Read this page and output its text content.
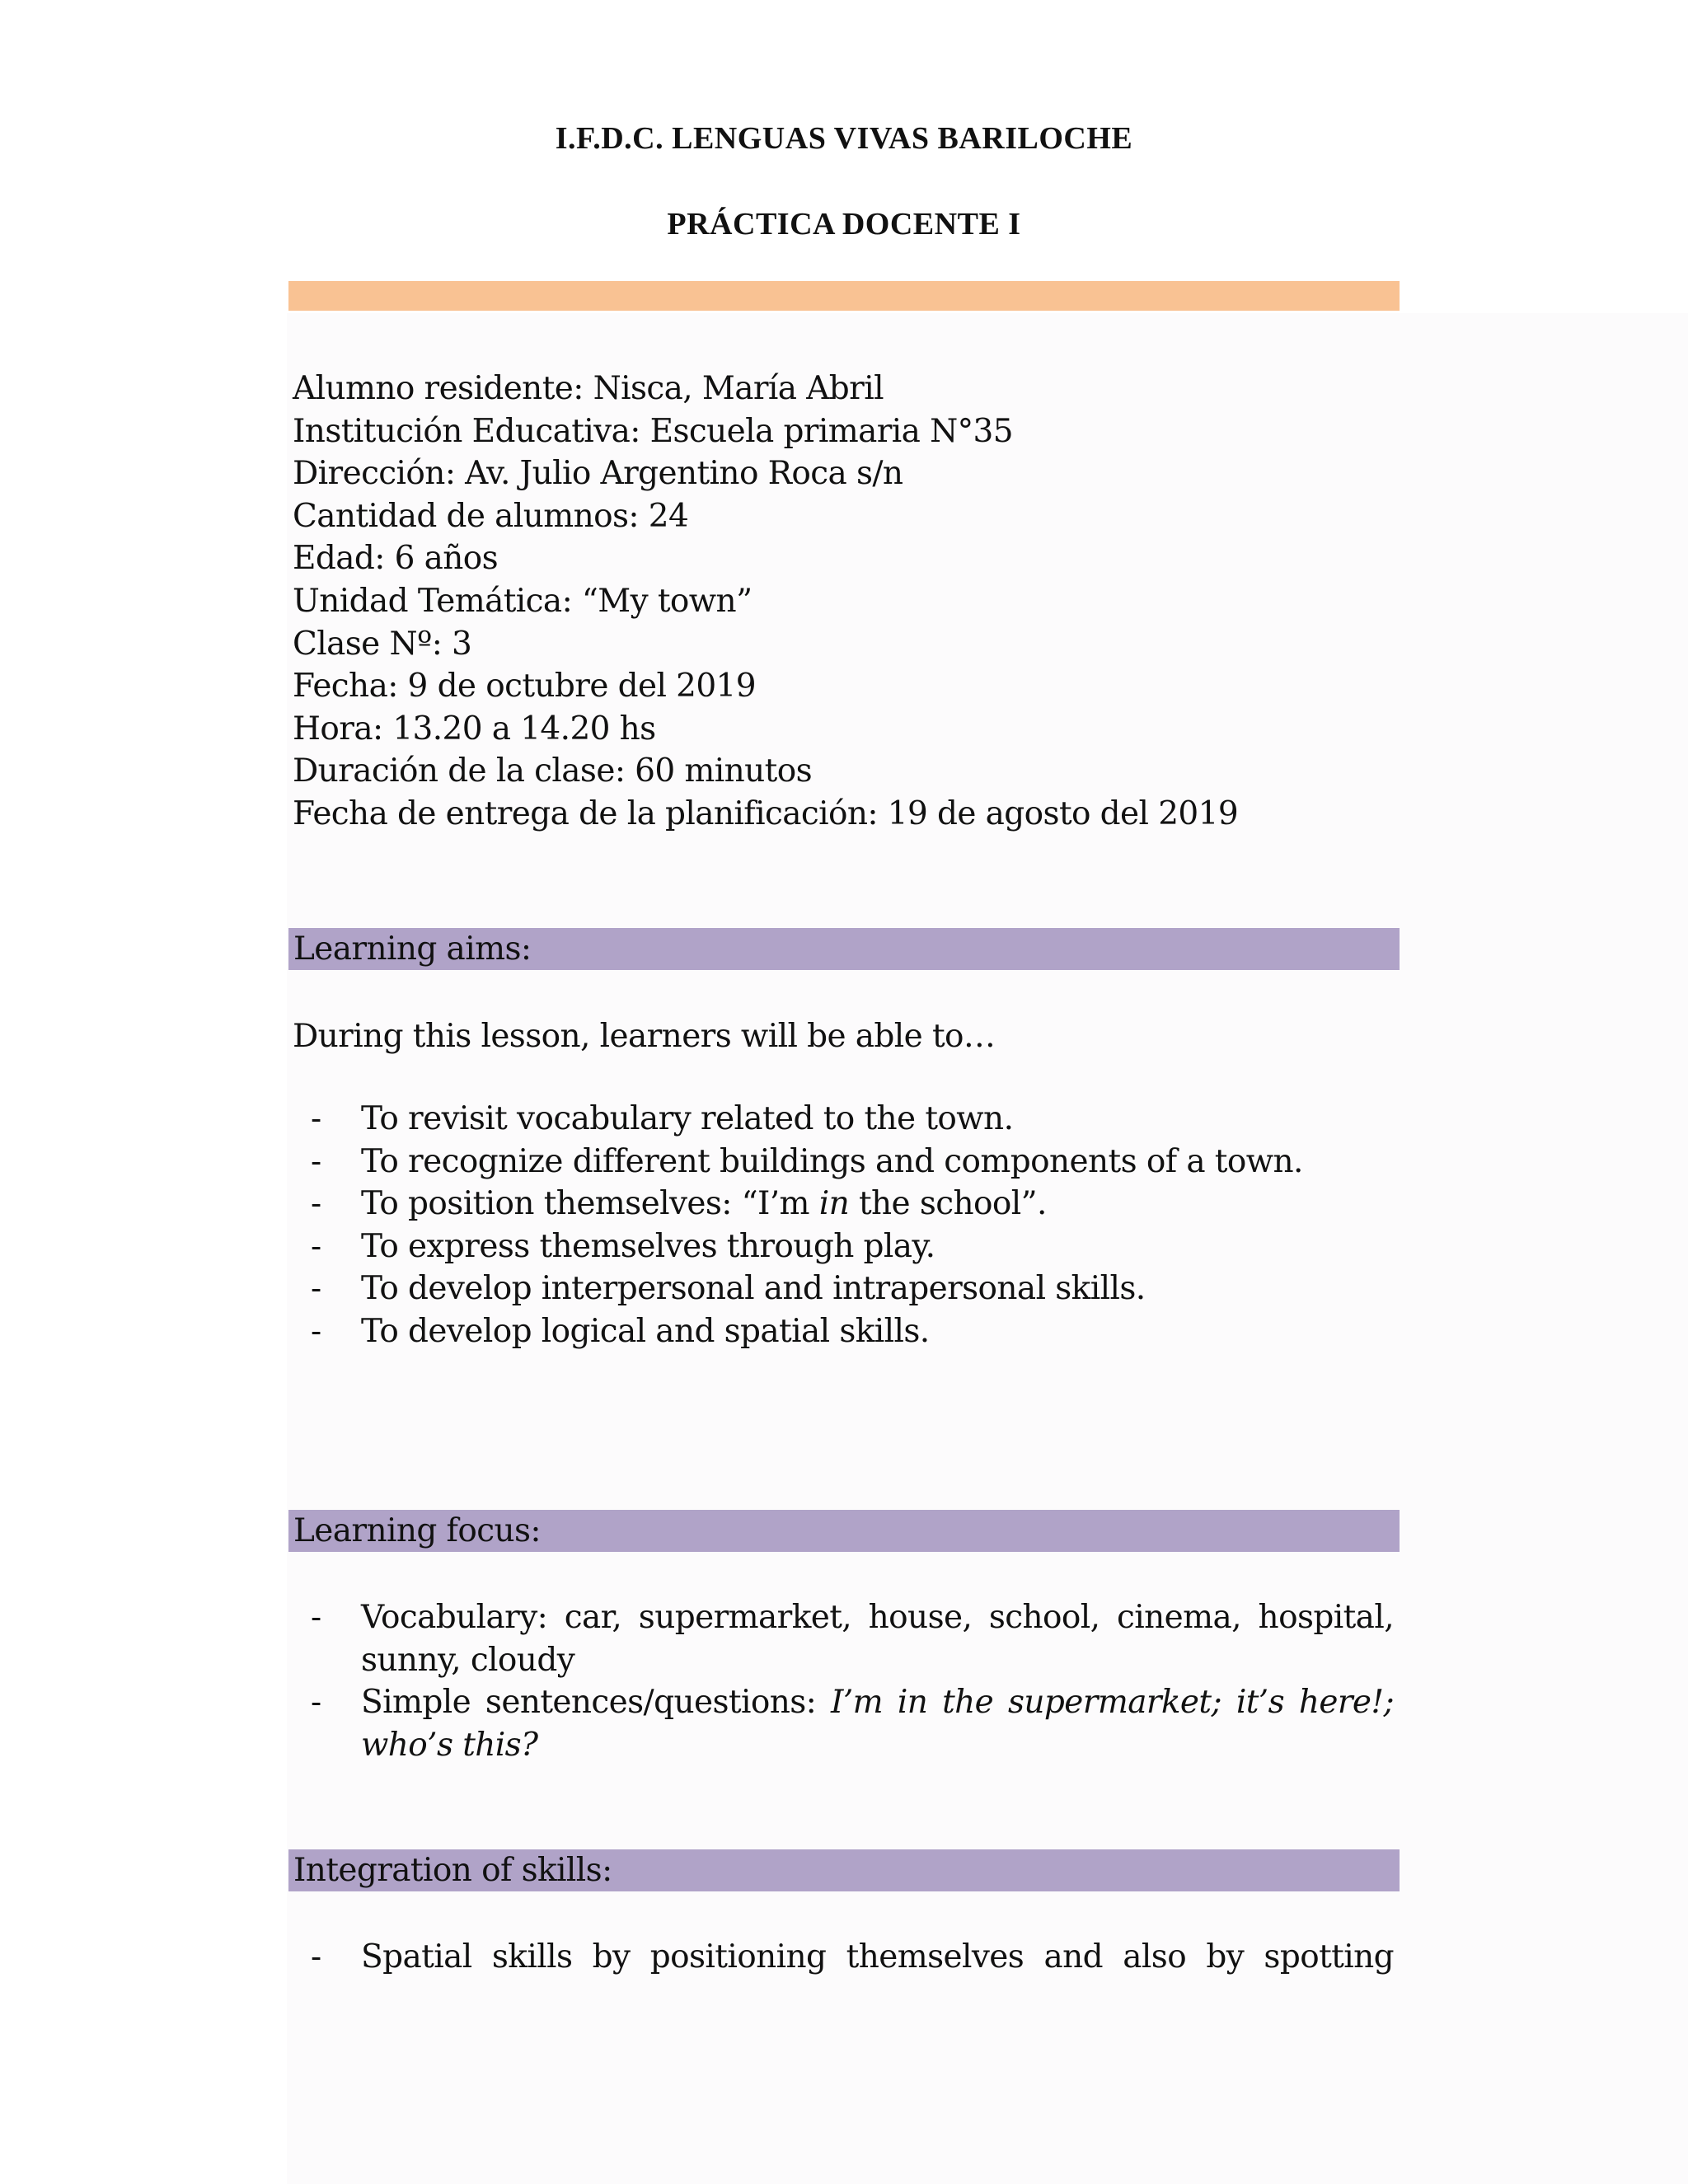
I.F.D.C. LENGUAS VIVAS BARILOCHE
PRÁCTICA DOCENTE I
Alumno residente: Nisca, María Abril
Institución Educativa: Escuela primaria N°35
Dirección: Av. Julio Argentino Roca s/n
Cantidad de alumnos: 24
Edad: 6 años
Unidad Temática: “My town”
Clase Nº: 3
Fecha: 9 de octubre del 2019
Hora: 13.20 a 14.20 hs
Duración de la clase: 60 minutos
Fecha de entrega de la planificación: 19 de agosto del 2019
Learning aims:
During this lesson, learners will be able to…
- To revisit vocabulary related to the town.
- To recognize different buildings and components of a town.
- To position themselves: “I’m in the school”.
- To express themselves through play.
- To develop interpersonal and intrapersonal skills.
- To develop logical and spatial skills.
Learning focus:
- Vocabulary: car, supermarket, house, school, cinema, hospital, sunny, cloudy
- Simple sentences/questions: I’m in the supermarket; it’s here!; who’s this?
Integration of skills:
- Spatial skills by positioning themselves and also by spotting
